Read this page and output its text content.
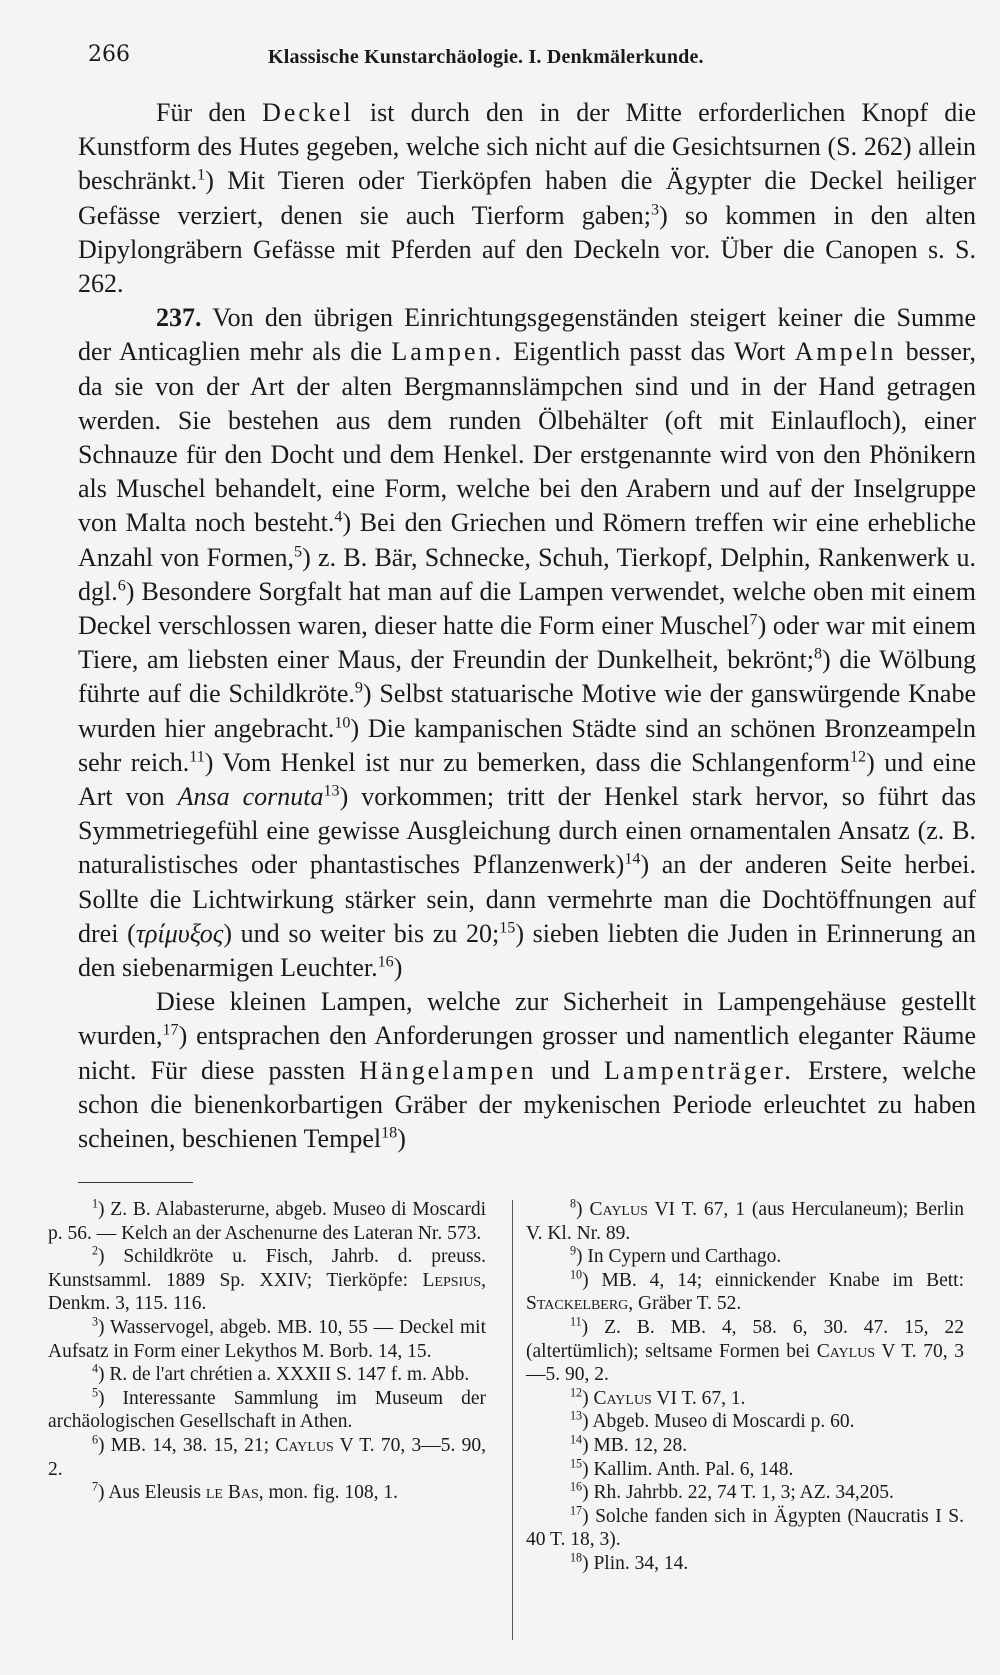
266	Klassische Kunstarchäologie. I. Denkmälerkunde.

Für den Deckel ist durch den in der Mitte erforderlichen Knopf die Kunstform des Hutes gegeben, welche sich nicht auf die Gesichtsurnen (S. 262) allein beschränkt.$^1$) Mit Tieren oder Tierköpfen haben die Ägypter die Deckel heiliger Gefässe verziert, denen sie auch Tierform gaben;$^3$) so kommen in den alten Dipylongräbern Gefässe mit Pferden auf den Deckeln vor. Über die Canopen s. S. 262.

237. Von den übrigen Einrichtungsgegenständen steigert keiner die Summe der Anticaglien mehr als die Lampen. Eigentlich passt das Wort Ampeln besser, da sie von der Art der alten Bergmannslämpchen sind und in der Hand getragen werden. Sie bestehen aus dem runden Ölbehälter (oft mit Einlaufloch), einer Schnauze für den Docht und dem Henkel. Der erstgenannte wird von den Phönikern als Muschel behandelt, eine Form, welche bei den Arabern und auf der Inselgruppe von Malta noch besteht.$^4$) Bei den Griechen und Römern treffen wir eine erhebliche Anzahl von Formen,$^5$) z. B. Bär, Schnecke, Schuh, Tierkopf, Delphin, Rankenwerk u. dgl.$^6$) Besondere Sorgfalt hat man auf die Lampen verwendet, welche oben mit einem Deckel verschlossen waren, dieser hatte die Form einer Muschel$^7$) oder war mit einem Tiere, am liebsten einer Maus, der Freundin der Dunkelheit, bekrönt;$^8$) die Wölbung führte auf die Schildkröte.$^9$) Selbst statuarische Motive wie der ganswürgende Knabe wurden hier angebracht.$^{10}$) Die kampanischen Städte sind an schönen Bronzeampeln sehr reich.$^{11}$) Vom Henkel ist nur zu bemerken, dass die Schlangenform$^{12}$) und eine Art von Ansa cornuta$^{13}$) vorkommen; tritt der Henkel stark hervor, so führt das Symmetriegefühl eine gewisse Ausgleichung durch einen ornamentalen Ansatz (z. B. naturalistisches oder phantastisches Pflanzenwerk)$^{14}$) an der anderen Seite herbei. Sollte die Lichtwirkung stärker sein, dann vermehrte man die Dochtöffnungen auf drei (τρίμυξος) und so weiter bis zu 20;$^{15}$) sieben liebten die Juden in Erinnerung an den siebenarmigen Leuchter.$^{16}$)

Diese kleinen Lampen, welche zur Sicherheit in Lampengehäuse gestellt wurden,$^{17}$) entsprachen den Anforderungen grosser und namentlich eleganter Räume nicht. Für diese passten Hängelampen und Lampenträger. Erstere, welche schon die bienenkorbartigen Gräber der mykenischen Periode erleuchtet zu haben scheinen, beschienen Tempel$^{18}$)

$^1$) Z. B. Alabasterurne, abgeb. Museo di Moscardi p. 56. — Kelch an der Aschenurne des Lateran Nr. 573.

$^2$) Schildkröte u. Fisch, Jahrb. d. preuss. Kunstsamml. 1889 Sp. XXIV; Tierköpfe: Lepsius, Denkm. 3, 115. 116.

$^3$) Wasservogel, abgeb. MB. 10, 55 — Deckel mit Aufsatz in Form einer Lekythos M. Borb. 14, 15.

$^4$) R. de l'art chrétien a. XXXII S. 147 f. m. Abb.

$^5$) Interessante Sammlung im Museum der archäologischen Gesellschaft in Athen.

$^6$) MB. 14, 38. 15, 21; Caylus V T. 70, 3—5. 90, 2.

$^7$) Aus Eleusis le Bas, mon. fig. 108, 1.

$^8$) Caylus VI T. 67, 1 (aus Herculaneum); Berlin V. Kl. Nr. 89.

$^9$) In Cypern und Carthago.

$^{10}$) MB. 4, 14; einnickender Knabe im Bett: Stackelberg, Gräber T. 52.

$^{11}$) Z. B. MB. 4, 58. 6, 30. 47. 15, 22 (altertümlich); seltsame Formen bei Caylus V T. 70, 3—5. 90, 2.

$^{12}$) Caylus VI T. 67, 1.

$^{13}$) Abgeb. Museo di Moscardi p. 60.

$^{14}$) MB. 12, 28.

$^{15}$) Kallim. Anth. Pal. 6, 148.

$^{16}$) Rh. Jahrbb. 22, 74 T. 1, 3; AZ. 34,205.

$^{17}$) Solche fanden sich in Ägypten (Naucratis I S. 40 T. 18, 3).

$^{18}$) Plin. 34, 14.
